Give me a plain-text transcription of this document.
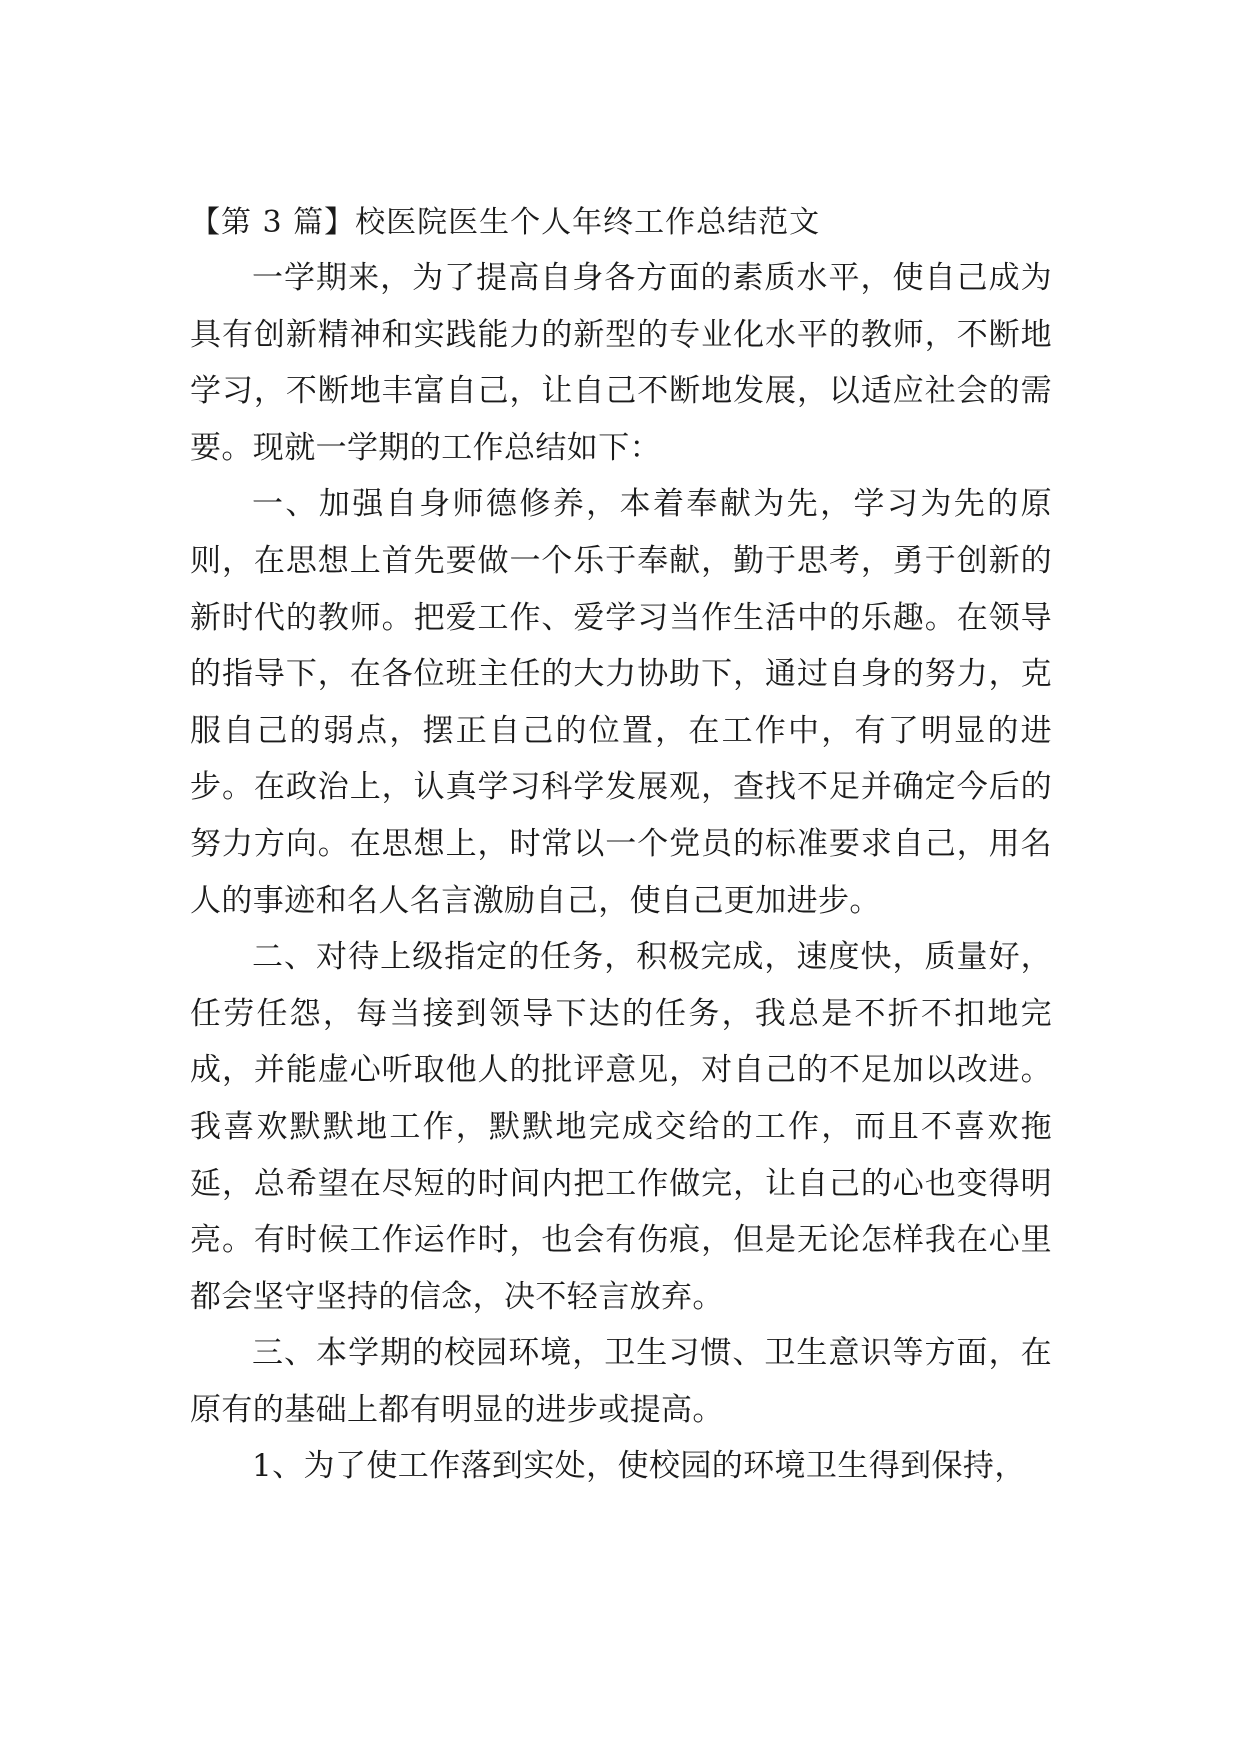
【第 3 篇】校医院医生个人年终工作总结范文

一学期来，为了提高自身各方面的素质水平，使自己成为具有创新精神和实践能力的新型的专业化水平的教师，不断地学习，不断地丰富自己，让自己不断地发展，以适应社会的需要。现就一学期的工作总结如下：

一、加强自身师德修养，本着奉献为先，学习为先的原则，在思想上首先要做一个乐于奉献，勤于思考，勇于创新的新时代的教师。把爱工作、爱学习当作生活中的乐趣。在领导的指导下，在各位班主任的大力协助下，通过自身的努力，克服自己的弱点，摆正自己的位置，在工作中，有了明显的进步。在政治上，认真学习科学发展观，查找不足并确定今后的努力方向。在思想上，时常以一个党员的标准要求自己，用名人的事迹和名人名言激励自己，使自己更加进步。

二、对待上级指定的任务，积极完成，速度快，质量好，任劳任怨，每当接到领导下达的任务，我总是不折不扣地完成，并能虚心听取他人的批评意见，对自己的不足加以改进。我喜欢默默地工作，默默地完成交给的工作，而且不喜欢拖延，总希望在尽短的时间内把工作做完，让自己的心也变得明亮。有时候工作运作时，也会有伤痕，但是无论怎样我在心里都会坚守坚持的信念，决不轻言放弃。

三、本学期的校园环境，卫生习惯、卫生意识等方面，在原有的基础上都有明显的进步或提高。

1、为了使工作落到实处，使校园的环境卫生得到保持，
